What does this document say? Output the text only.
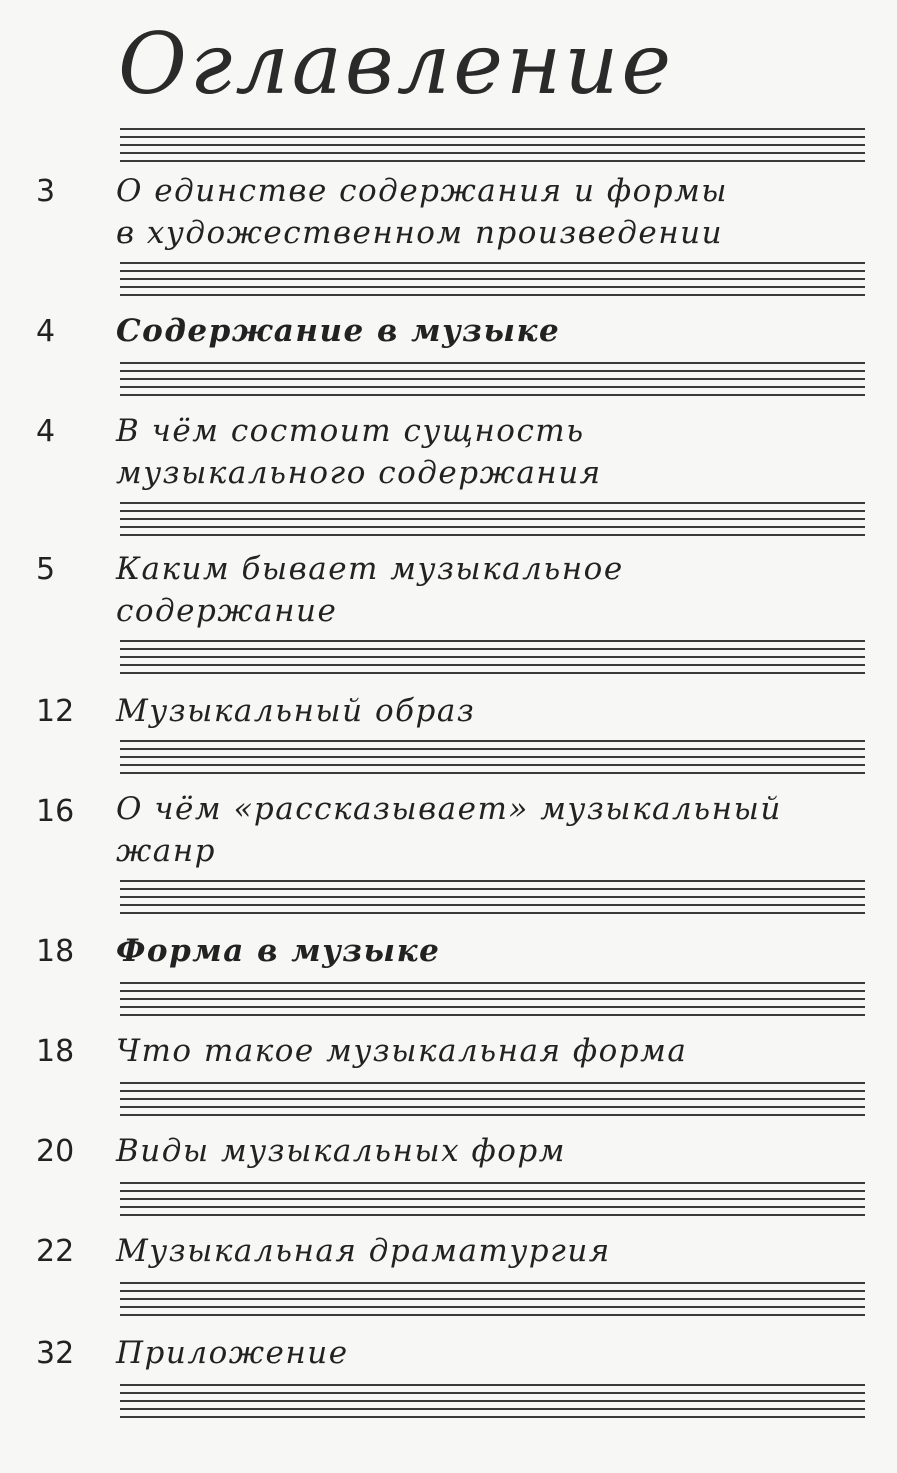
Оглавление
3	О единстве содержания и формы
в художественном произведении
4	Содержание в музыке
4	В чём состоит сущность
музыкального содержания
5	Каким бывает музыкальное
содержание
12	Музыкальный образ
16	О чём «рассказывает» музыкальный
жанр
18	Форма в музыке
18	Что такое музыкальная форма
20	Виды музыкальных форм
22	Музыкальная драматургия
32	Приложение
